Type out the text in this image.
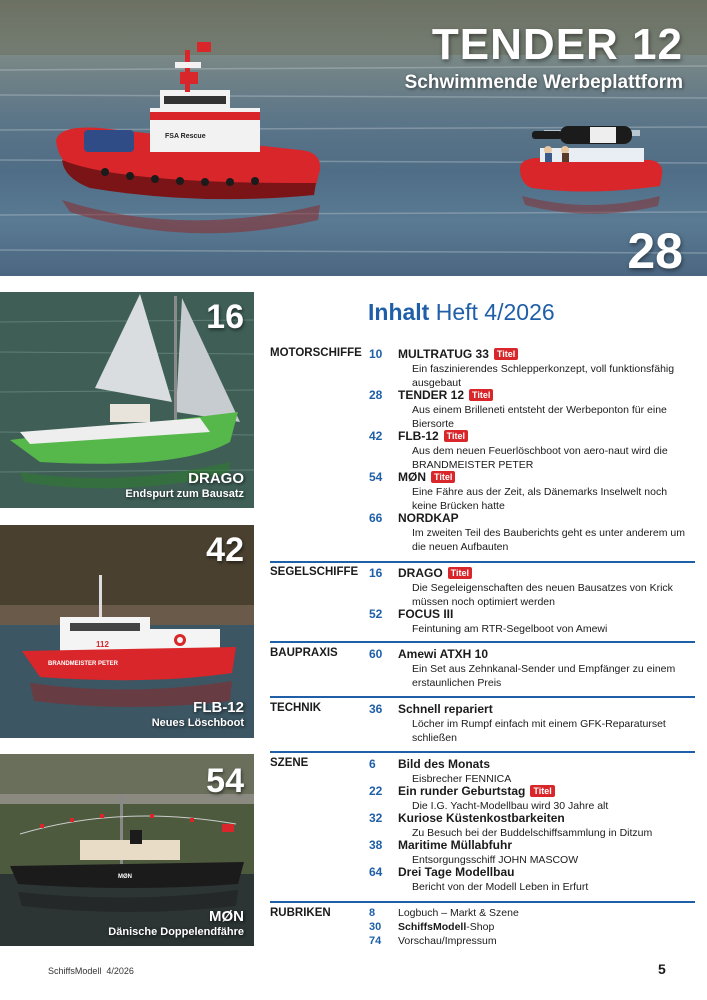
FSA Rescue
TENDER 12
Schwimmende Werbeplattform
28
16
DRAGO
Endspurt zum Bausatz
112
BRANDMEISTER PETER
42
FLB-12
Neues Löschboot
MØN
54
MØN
Dänische Doppelendfähre
Inhalt Heft 4/2026
MOTORSCHIFFE 10 MULTRATUG 33 Titel
Ein faszinierendes Schlepperkonzept, voll funktionsfähig ausgebaut
28 TENDER 12 Titel
Aus einem Brilleneti entsteht der Werbeponton für eine Biersorte
42 FLB-12 Titel
Aus dem neuen Feuerlöschboot von aero-naut wird die BRANDMEISTER PETER
54 MØN Titel
Eine Fähre aus der Zeit, als Dänemarks Inselwelt noch keine Brücken hatte
66 NORDKAP
Im zweiten Teil des Bauberichts geht es unter anderem um die neuen Aufbauten
SEGELSCHIFFE 16 DRAGO Titel
Die Segeleigenschaften des neuen Bausatzes von Krick müssen noch optimiert werden
52 FOCUS III
Feintuning am RTR-Segelboot von Amewi
BAUPRAXIS	60 Amewi ATXH 10
Ein Set aus Zehnkanal-Sender und Empfänger zu einem erstaunlichen Preis
TECHNIK	36 Schnell repariert
Löcher im Rumpf einfach mit einem GFK-Reparaturset schließen
SZENE	6 Bild des Monats
Eisbrecher FENNICA
22 Ein runder Geburtstag Titel
Die I.G. Yacht-Modellbau wird 30 Jahre alt
32 Kuriose Küstenkostbarkeiten
Zu Besuch bei der Buddelschiffsammlung in Ditzum
38 Maritime Müllabfuhr
Entsorgungsschiff JOHN MASCOW
64 Drei Tage Modellbau
Bericht von der Modell Leben in Erfurt
RUBRIKEN	8 Logbuch – Markt & Szene
30 SchiffsModell-Shop
74 Vorschau/Impressum
SchiffsModell 4/2026	5
